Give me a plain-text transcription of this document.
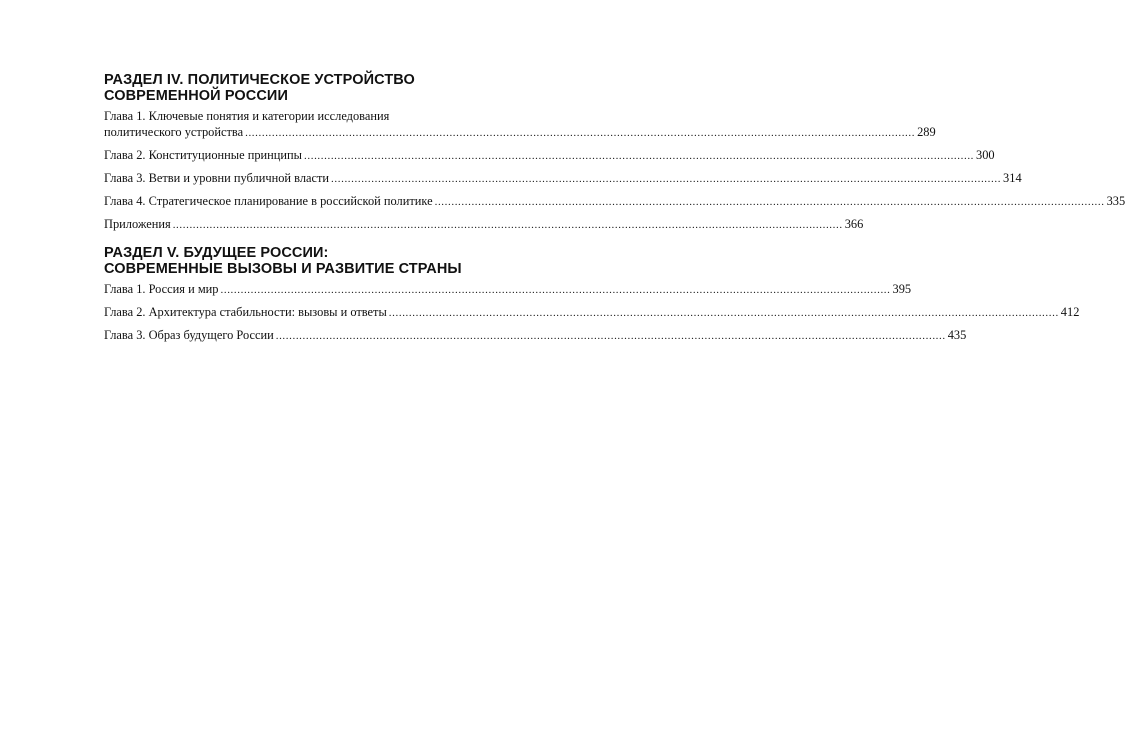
РАЗДЕЛ IV. ПОЛИТИЧЕСКОЕ УСТРОЙСТВО
СОВРЕМЕННОЙ РОССИИ
Глава 1. Ключевые понятия и категории исследования
политического устройства ........................................................................................................................................................................................................ 289
Глава 2. Конституционные принципы ........................................................................................................................................................................................................ 300
Глава 3. Ветви и уровни публичной власти ........................................................................................................................................................................................................ 314
Глава 4. Стратегическое планирование в российской политике ........................................................................................................................................................................................................ 335
Приложения ........................................................................................................................................................................................................ 366
РАЗДЕЛ V. БУДУЩЕЕ РОССИИ:
СОВРЕМЕННЫЕ ВЫЗОВЫ И РАЗВИТИЕ СТРАНЫ
Глава 1. Россия и мир ........................................................................................................................................................................................................ 395
Глава 2. Архитектура стабильности: вызовы и ответы ........................................................................................................................................................................................................ 412
Глава 3. Образ будущего России ........................................................................................................................................................................................................ 435
